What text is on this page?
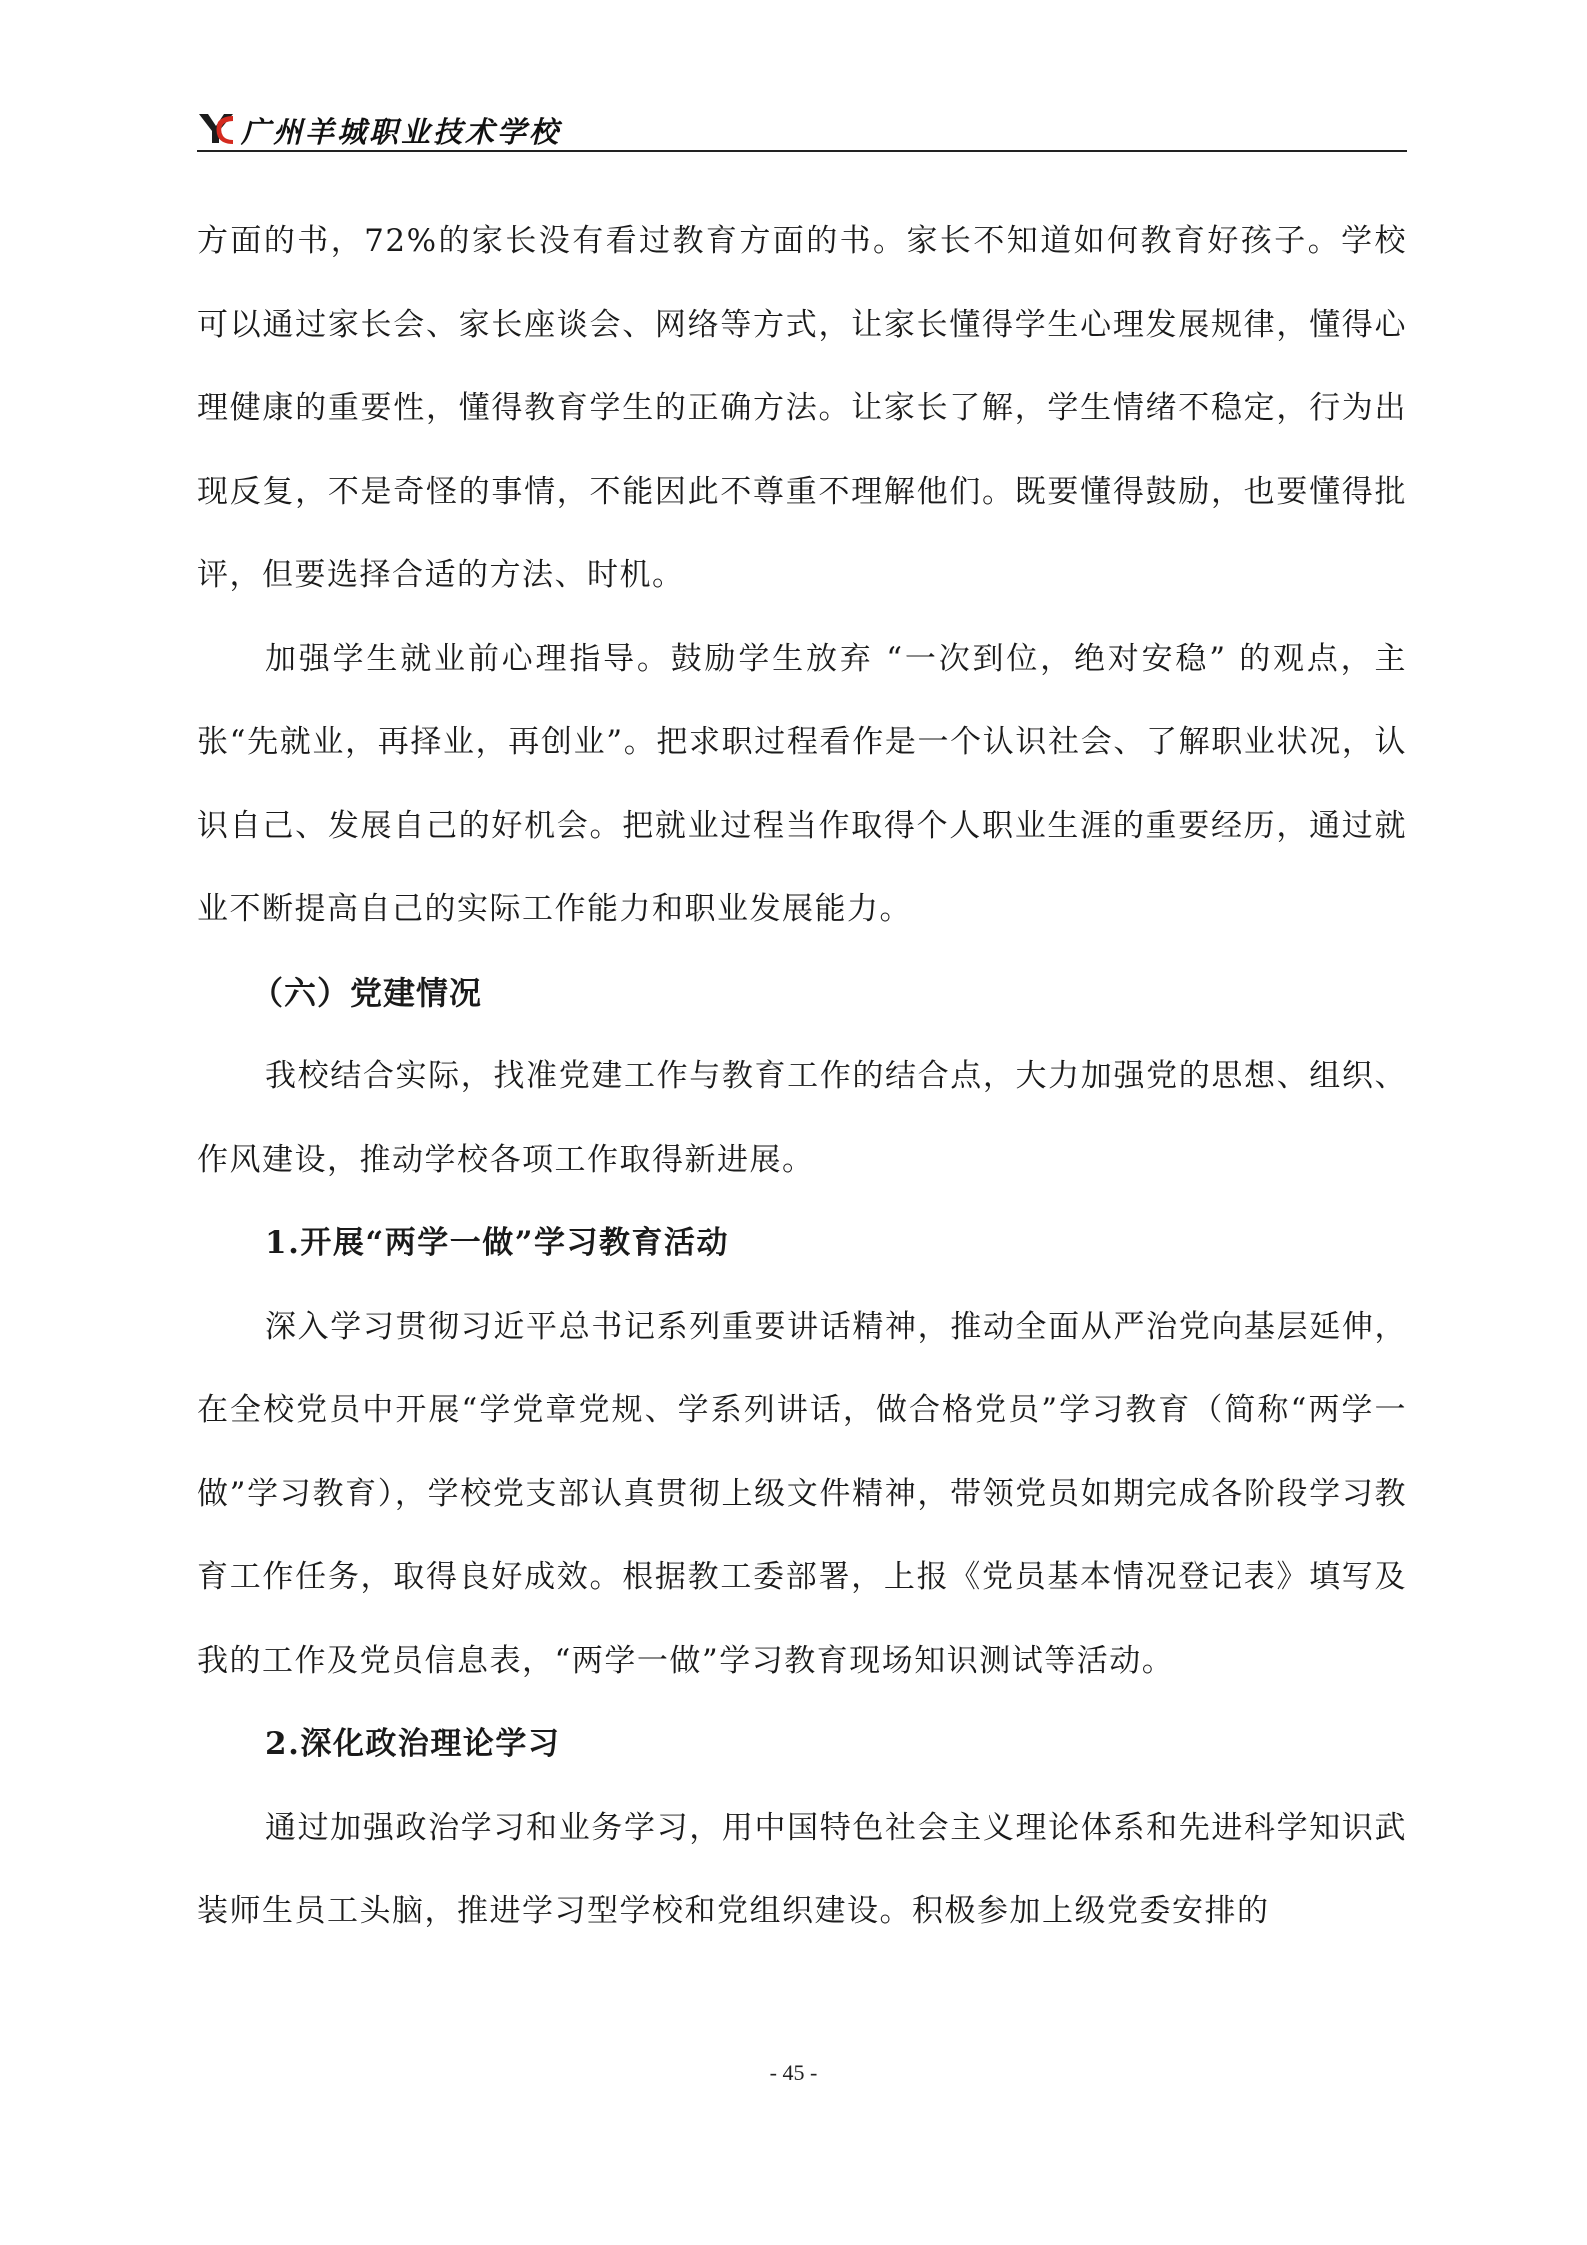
广州羊城职业技术学校

方面的书，72%的家长没有看过教育方面的书。家长不知道如何教育好孩子。学校可以通过家长会、家长座谈会、网络等方式，让家长懂得学生心理发展规律，懂得心理健康的重要性，懂得教育学生的正确方法。让家长了解，学生情绪不稳定，行为出现反复，不是奇怪的事情，不能因此不尊重不理解他们。既要懂得鼓励，也要懂得批评，但要选择合适的方法、时机。

加强学生就业前心理指导。鼓励学生放弃 “一次到位，绝对安稳” 的观点，主张“先就业，再择业，再创业”。把求职过程看作是一个认识社会、了解职业状况，认识自己、发展自己的好机会。把就业过程当作取得个人职业生涯的重要经历，通过就业不断提高自己的实际工作能力和职业发展能力。

（六）党建情况

我校结合实际，找准党建工作与教育工作的结合点，大力加强党的思想、组织、作风建设，推动学校各项工作取得新进展。

1.开展“两学一做”学习教育活动

深入学习贯彻习近平总书记系列重要讲话精神，推动全面从严治党向基层延伸，在全校党员中开展“学党章党规、学系列讲话，做合格党员”学习教育（简称“两学一做”学习教育），学校党支部认真贯彻上级文件精神，带领党员如期完成各阶段学习教育工作任务，取得良好成效。根据教工委部署，上报《党员基本情况登记表》填写及我的工作及党员信息表，“两学一做”学习教育现场知识测试等活动。

2.深化政治理论学习

通过加强政治学习和业务学习，用中国特色社会主义理论体系和先进科学知识武装师生员工头脑，推进学习型学校和党组织建设。积极参加上级党委安排的

- 45 -
